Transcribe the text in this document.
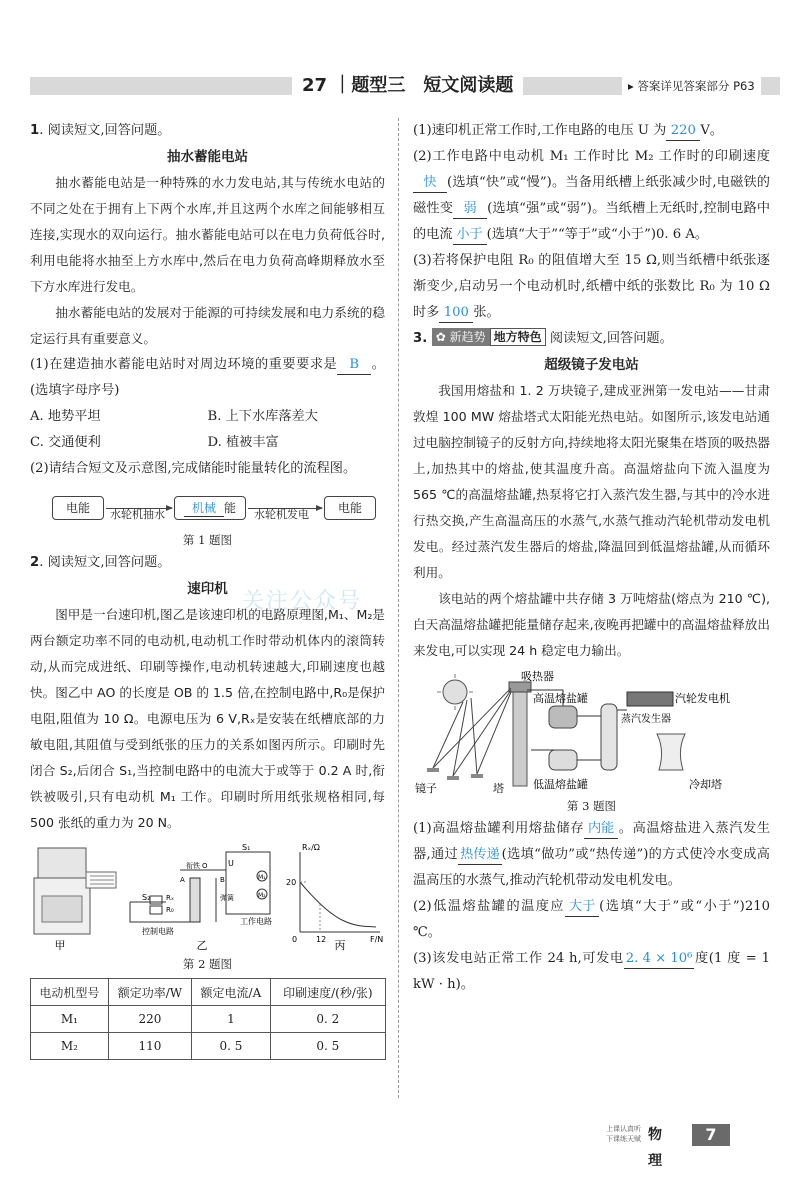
27 ｜题型三　短文阅读题	▸ 答案详见答案部分 P63
关注公众号

1. 阅读短文,回答问题。

抽水蓄能电站

抽水蓄能电站是一种特殊的水力发电站,其与传统水电站的不同之处在于拥有上下两个水库,并且这两个水库之间能够相互连接,实现水的双向运行。抽水蓄能电站可以在电力负荷低谷时,利用电能将水抽至上方水库中,然后在电力负荷高峰期释放水至下方水库进行发电。

抽水蓄能电站的发展对于能源的可持续发展和电力系统的稳定运行具有重要意义。

(1)在建造抽水蓄能电站时对周边环境的重要要求是 B 。(选填字母序号)

A. 地势平坦	B. 上下水库落差大
C. 交通便利	D. 植被丰富

(2)请结合短文及示意图,完成储能时能量转化的流程图。

电能	水轮机抽水	机械 能	水轮机发电	电能
第 1 题图

2. 阅读短文,回答问题。

速印机

图甲是一台速印机,图乙是该速印机的电路原理图,M₁、M₂是两台额定功率不同的电动机,电动机工作时带动机体内的滚筒转动,从而完成进纸、印刷等操作,电动机转速越大,印刷速度也越快。图乙中 AO 的长度是 OB 的 1.5 倍,在控制电路中,R₀是保护电阻,阻值为 10 Ω。电源电压为 6 V,Rₓ是安装在纸槽底部的力敏电阻,其阻值与受到纸张的压力的关系如图丙所示。印刷时先闭合 S₂,后闭合 S₁,当控制电路中的电流大于或等于 0.2 A 时,衔铁被吸引,只有电动机 M₁ 工作。印刷时所用纸张规格相同,每 500 张纸的重力为 20 N。

甲
S₁
S₂
U
Rₓ
R₀
衔铁 O
A	B
弹簧
M₁
M₂
控制电路
工作电路
乙
Rₓ/Ω
F/N
20
12
0	丙
第 2 题图
电动机型号	额定功率/W	额定电流/A	印刷速度/(秒/张)
M₁	220	1	0. 2
M₂	110	0. 5	0. 5

(1)速印机正常工作时,工作电路的电压 U 为 220 V。

(2)工作电路中电动机 M₁ 工作时比 M₂ 工作时的印刷速度快 (选填“快”或“慢”)。当备用纸槽上纸张减少时,电磁铁的磁性变 弱 (选填“强”或“弱”)。当纸槽上无纸时,控制电路中的电流 小于 (选填“大于”“等于”或“小于”)0. 6 A。

(3)若将保护电阻 R₀ 的阻值增大至 15 Ω,则当纸槽中纸张逐渐变少,启动另一个电动机时,纸槽中纸的张数比 R₀ 为 10 Ω 时多 100 张。

3. ✿ 新趋势 地方特色 阅读短文,回答问题。

超级镜子发电站

我国用熔盐和 1. 2 万块镜子,建成亚洲第一发电站——甘肃敦煌 100 MW 熔盐塔式太阳能光热电站。如图所示,该发电站通过电脑控制镜子的反射方向,持续地将太阳光聚集在塔顶的吸热器上,加热其中的熔盐,使其温度升高。高温熔盐向下流入温度为 565 ℃的高温熔盐罐,热泵将它打入蒸汽发生器,与其中的冷水进行热交换,产生高温高压的水蒸气,水蒸气推动汽轮机带动发电机发电。经过蒸汽发生器后的熔盐,降温回到低温熔盐罐,从而循环利用。

该电站的两个熔盐罐中共存储 3 万吨熔盐(熔点为 210 ℃),白天高温熔盐罐把能量储存起来,夜晚再把罐中的高温熔盐释放出来发电,可以实现 24 h 稳定电力输出。

吸热器
高温熔盐罐
低温熔盐罐
汽轮发电机
蒸汽发生器
镜子	塔	冷却塔
第 3 题图

(1)高温熔盐罐利用熔盐储存 内能 。高温熔盐进入蒸汽发生器,通过 热传递 (选填“做功”或“热传递”)的方式使冷水变成高温高压的水蒸气,推动汽轮机带动发电机发电。

(2)低温熔盐罐的温度应 大于 (选填“大于”或“小于”)210 ℃。

(3)该发电站正常工作 24 h,可发电 2. 4 × 10⁶ 度(1 度 = 1 kW · h)。

上课认真听 下课练天赋 物理
7
